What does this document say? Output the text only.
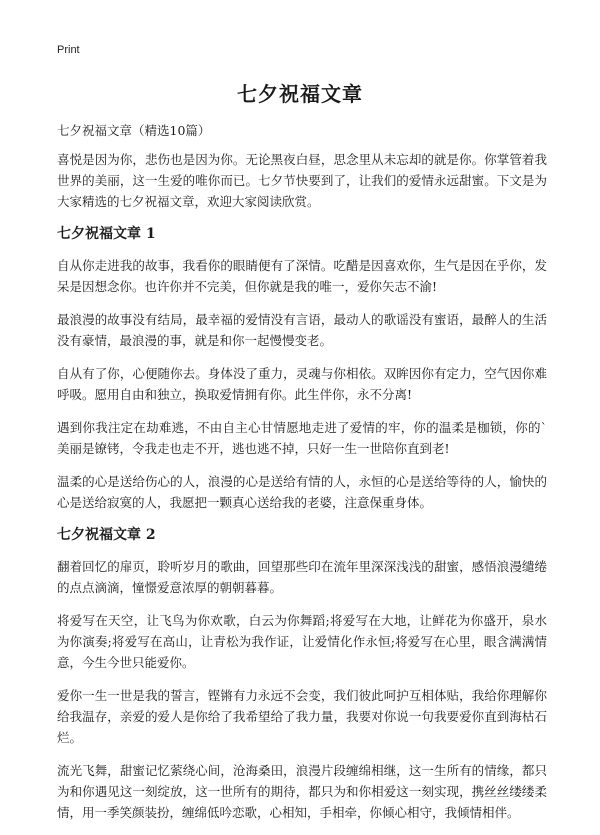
Print
七夕祝福文章

七夕祝福文章（精选10篇）

喜悦是因为你，悲伤也是因为你。无论黑夜白昼，思念里从未忘却的就是你。你掌管着我世界的美丽，这一生爱的唯你而已。七夕节快要到了，让我们的爱情永远甜蜜。下文是为大家精选的七夕祝福文章，欢迎大家阅读欣赏。

七夕祝福文章 1

自从你走进我的故事，我看你的眼睛便有了深情。吃醋是因喜欢你，生气是因在乎你，发呆是因想念你。也许你并不完美，但你就是我的唯一，爱你矢志不渝!

最浪漫的故事没有结局，最幸福的爱情没有言语，最动人的歌谣没有蜜语，最醉人的生活没有豪情，最浪漫的事，就是和你一起慢慢变老。

自从有了你，心便随你去。身体没了重力，灵魂与你相依。双眸因你有定力，空气因你难呼吸。愿用自由和独立，换取爱情拥有你。此生伴你，永不分离!

遇到你我注定在劫难逃，不由自主心甘情愿地走进了爱情的牢，你的温柔是枷锁，你的`美丽是镣铐，令我走也走不开，逃也逃不掉，只好一生一世陪你直到老!

温柔的心是送给伤心的人，浪漫的心是送给有情的人，永恒的心是送给等待的人，愉快的心是送给寂寞的人，我愿把一颗真心送给我的老婆，注意保重身体。

七夕祝福文章 2

翻着回忆的扉页，聆听岁月的歌曲，回望那些印在流年里深深浅浅的甜蜜，感悟浪漫缱绻的点点滴滴，憧憬爱意浓厚的朝朝暮暮。

将爱写在天空，让飞鸟为你欢歌，白云为你舞蹈;将爱写在大地，让鲜花为你盛开，泉水为你演奏;将爱写在高山，让青松为我作证，让爱情化作永恒;将爱写在心里，眼含满满情意，今生今世只能爱你。

爱你一生一世是我的誓言，铿锵有力永远不会变，我们彼此呵护互相体贴，我给你理解你给我温存，亲爱的爱人是你给了我希望给了我力量，我要对你说一句我要爱你直到海枯石烂。

流光飞舞，甜蜜记忆萦绕心间，沧海桑田，浪漫片段缠绵相继，这一生所有的情缘，都只为和你遇见这一刻绽放，这一世所有的期待，都只为和你相爱这一刻实现，携丝丝缕缕柔情，用一季笑颜装扮，缠绵低吟恋歌，心相知，手相牵，你倾心相守，我倾情相伴。
